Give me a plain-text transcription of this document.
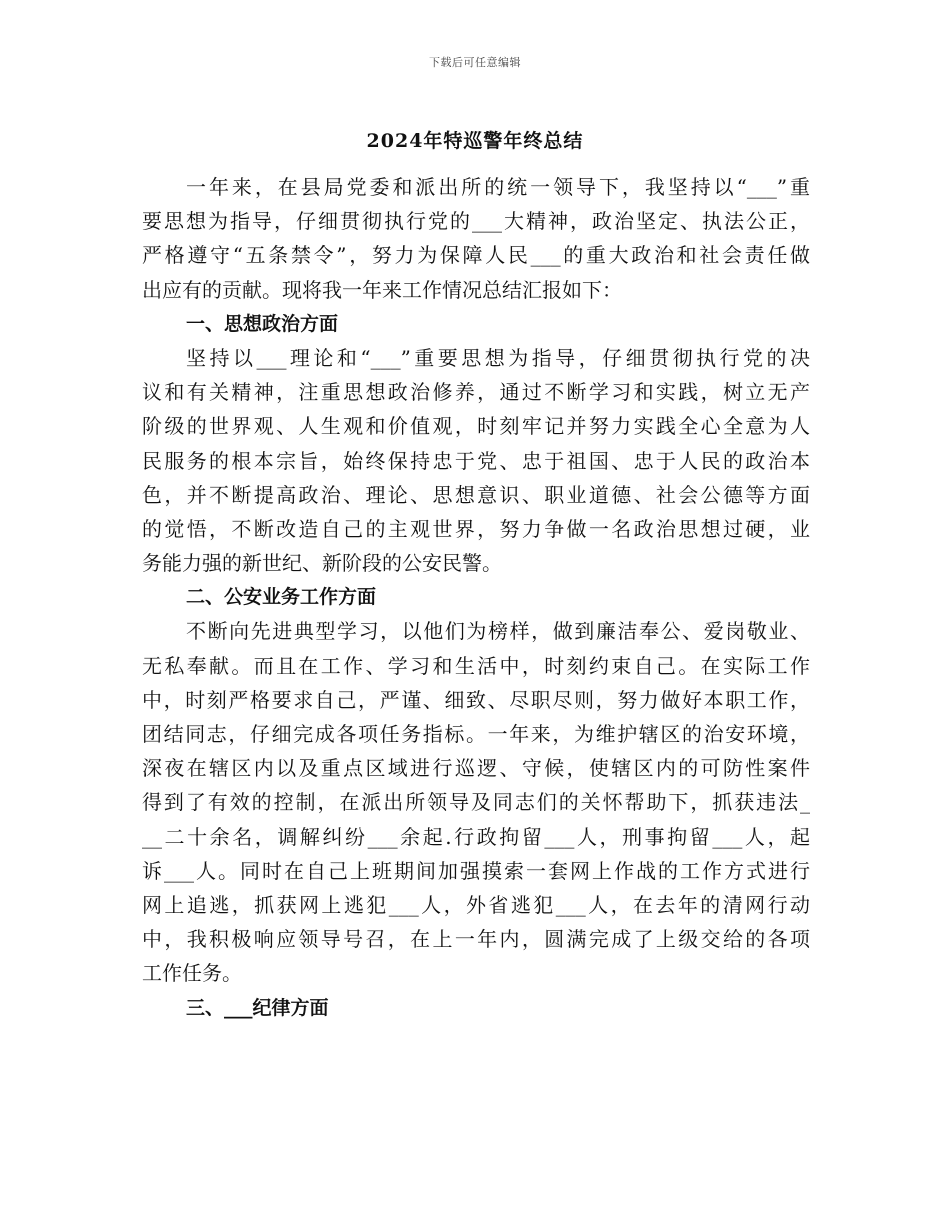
下载后可任意编辑
2024年特巡警年终总结
一年来，在县局党委和派出所的统一领导下，我坚持以“___”重
要思想为指导，仔细贯彻执行党的___大精神，政治坚定、执法公正，
严格遵守“五条禁令”，努力为保障人民___的重大政治和社会责任做
出应有的贡献。现将我一年来工作情况总结汇报如下：
一、思想政治方面
坚持以___理论和“___”重要思想为指导，仔细贯彻执行党的决
议和有关精神，注重思想政治修养，通过不断学习和实践，树立无产
阶级的世界观、人生观和价值观，时刻牢记并努力实践全心全意为人
民服务的根本宗旨，始终保持忠于党、忠于祖国、忠于人民的政治本
色，并不断提高政治、理论、思想意识、职业道德、社会公德等方面
的觉悟，不断改造自己的主观世界，努力争做一名政治思想过硬，业
务能力强的新世纪、新阶段的公安民警。
二、公安业务工作方面
不断向先进典型学习，以他们为榜样，做到廉洁奉公、爱岗敬业、
无私奉献。而且在工作、学习和生活中，时刻约束自己。在实际工作
中，时刻严格要求自己，严谨、细致、尽职尽则，努力做好本职工作，
团结同志，仔细完成各项任务指标。一年来，为维护辖区的治安环境，
深夜在辖区内以及重点区域进行巡逻、守候，使辖区内的可防性案件
得到了有效的控制，在派出所领导及同志们的关怀帮助下，抓获违法_
__二十余名，调解纠纷___余起.行政拘留___人，刑事拘留___人，起
诉___人。同时在自己上班期间加强摸索一套网上作战的工作方式进行
网上追逃，抓获网上逃犯___人，外省逃犯___人，在去年的清网行动
中，我积极响应领导号召，在上一年内，圆满完成了上级交给的各项
工作任务。
三、___纪律方面
